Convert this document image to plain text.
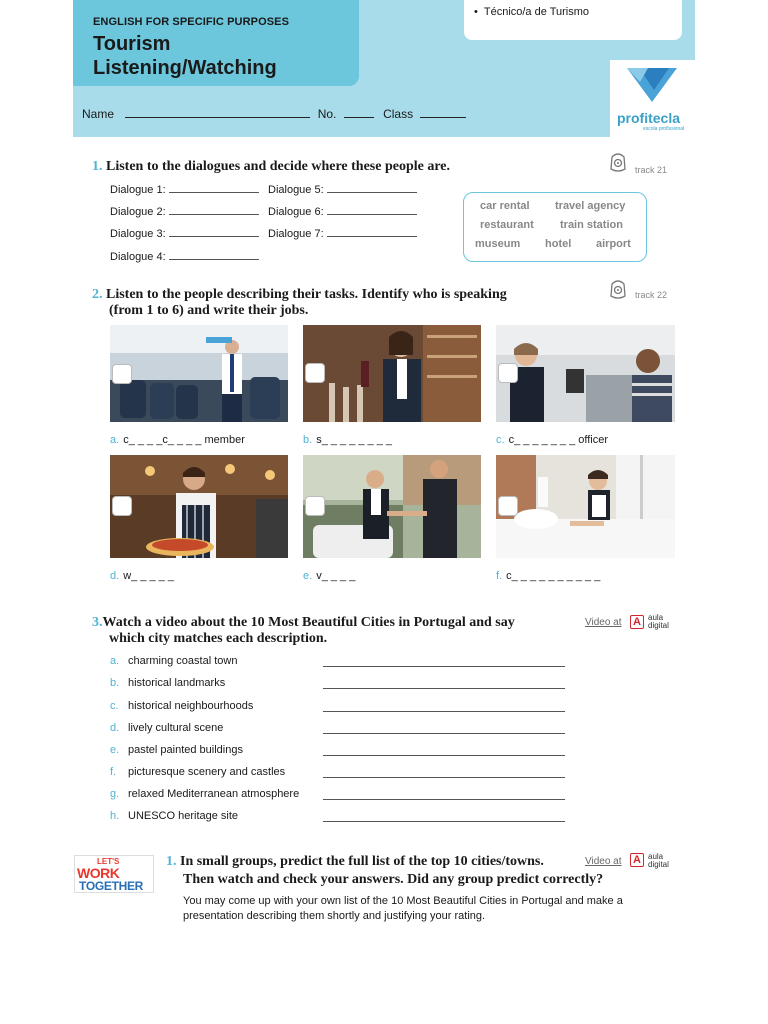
ENGLISH FOR SPECIFIC PURPOSES
Tourism
Listening/Watching
• Técnico/a de Turismo
profitecla
escola profissional
Name	No.	Class
1. Listen to the dialogues and decide where these people are.	track 21
Dialogue 1:
Dialogue 2:
Dialogue 3:
Dialogue 4:
Dialogue 5:
Dialogue 6:
Dialogue 7:
car rental travel agency
restaurant train station
museum hotel airport
2. Listen to the people describing their tasks. Identify who is speaking
(from 1 to 6) and write their jobs.
track 22
a. c_ _ _ _c_ _ _ _ member	b. s_ _ _ _ _ _ _ _	c. c_ _ _ _ _ _ _ officer
d. w_ _ _ _ _	e. v_ _ _ _	f. c_ _ _ _ _ _ _ _ _ _
3.Watch a video about the 10 Most Beautiful Cities in Portugal and say
which city matches each description.
Video at A aula
digital
a. charming coastal town
b. historical landmarks
c. historical neighbourhoods
d. lively cultural scene
e. pastel painted buildings
f. picturesque scenery and castles
g. relaxed Mediterranean atmosphere
h. UNESCO heritage site
LET'S
WORK
TOGETHER
1. In small groups, predict the full list of the top 10 cities/towns.
Then watch and check your answers. Did any group predict correctly?
Video at A aula
digital
You may come up with your own list of the 10 Most Beautiful Cities in Portugal and make a presentation describing them shortly and justifying your rating.
